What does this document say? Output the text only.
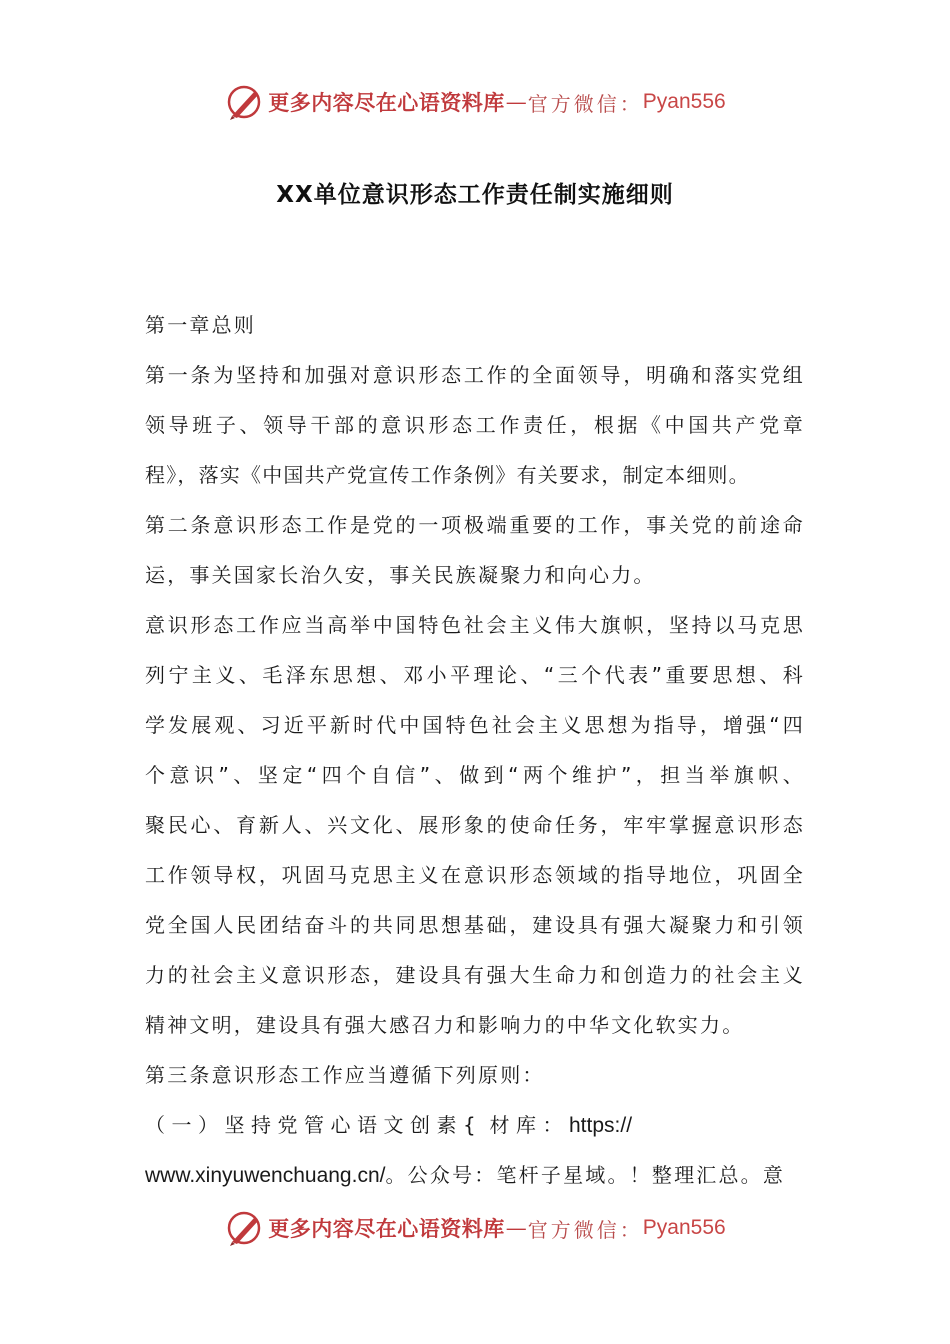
更多内容尽在心语资料库 — 官方微信： Pyan556
XX单位意识形态工作责任制实施细则
第一章总则
第一条为坚持和加强对意识形态工作的全面领导，明确和落实党组
领导班子、领导干部的意识形态工作责任，根据《中国共产党章
程》，落实《中国共产党宣传工作条例》有关要求，制定本细则。
第二条意识形态工作是党的一项极端重要的工作，事关党的前途命
运，事关国家长治久安，事关民族凝聚力和向心力。
意识形态工作应当高举中国特色社会主义伟大旗帜，坚持以马克思
列宁主义、毛泽东思想、邓小平理论、“三个代表”重要思想、科
学发展观、习近平新时代中国特色社会主义思想为指导，增强“四
个意识”、坚定“四个自信”、做到“两个维护”，担当举旗帜、
聚民心、育新人、兴文化、展形象的使命任务，牢牢掌握意识形态
工作领导权，巩固马克思主义在意识形态领域的指导地位，巩固全
党全国人民团结奋斗的共同思想基础，建设具有强大凝聚力和引领
力的社会主义意识形态，建设具有强大生命力和创造力的社会主义
精神文明，建设具有强大感召力和影响力的中华文化软实力。
第三条意识形态工作应当遵循下列原则：
（ 一 ） 坚 持 党 管 心 语 文 创 素 { 材 库 ： https://
www.xinyuwenchuang.cn/。公众号：笔杆子星域。！整理汇总。意
更多内容尽在心语资料库 — 官方微信： Pyan556
